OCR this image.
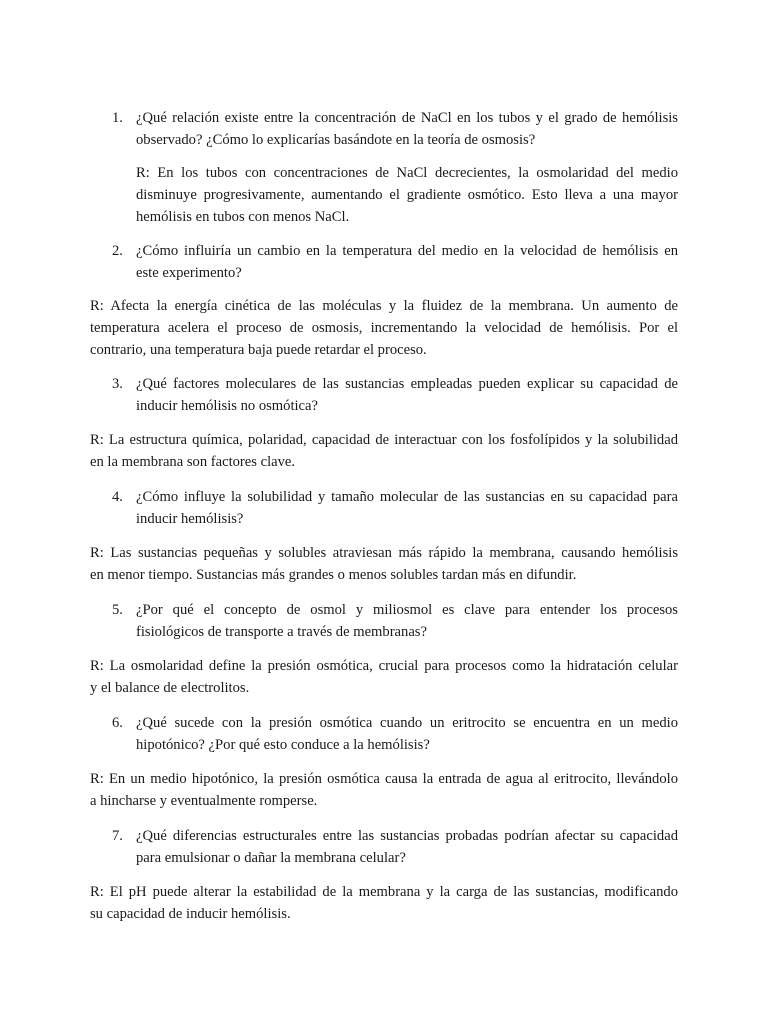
1. ¿Qué relación existe entre la concentración de NaCl en los tubos y el grado de hemólisis
observado? ¿Cómo lo explicarías basándote en la teoría de osmosis?
R: En los tubos con concentraciones de NaCl decrecientes, la osmolaridad del medio
disminuye progresivamente, aumentando el gradiente osmótico. Esto lleva a una mayor
hemólisis en tubos con menos NaCl.

2. ¿Cómo influiría un cambio en la temperatura del medio en la velocidad de hemólisis en
este experimento?
R: Afecta la energía cinética de las moléculas y la fluidez de la membrana. Un aumento de
temperatura acelera el proceso de osmosis, incrementando la velocidad de hemólisis. Por el
contrario, una temperatura baja puede retardar el proceso.

3. ¿Qué factores moleculares de las sustancias empleadas pueden explicar su capacidad de
inducir hemólisis no osmótica?
R: La estructura química, polaridad, capacidad de interactuar con los fosfolípidos y la solubilidad
en la membrana son factores clave.

4. ¿Cómo influye la solubilidad y tamaño molecular de las sustancias en su capacidad para
inducir hemólisis?
R: Las sustancias pequeñas y solubles atraviesan más rápido la membrana, causando hemólisis
en menor tiempo. Sustancias más grandes o menos solubles tardan más en difundir.

5. ¿Por qué el concepto de osmol y miliosmol es clave para entender los procesos
fisiológicos de transporte a través de membranas?
R: La osmolaridad define la presión osmótica, crucial para procesos como la hidratación celular
y el balance de electrolitos.

6. ¿Qué sucede con la presión osmótica cuando un eritrocito se encuentra en un medio
hipotónico? ¿Por qué esto conduce a la hemólisis?
R: En un medio hipotónico, la presión osmótica causa la entrada de agua al eritrocito, llevándolo
a hincharse y eventualmente romperse.

7. ¿Qué diferencias estructurales entre las sustancias probadas podrían afectar su capacidad
para emulsionar o dañar la membrana celular?
R: El pH puede alterar la estabilidad de la membrana y la carga de las sustancias, modificando
su capacidad de inducir hemólisis.
